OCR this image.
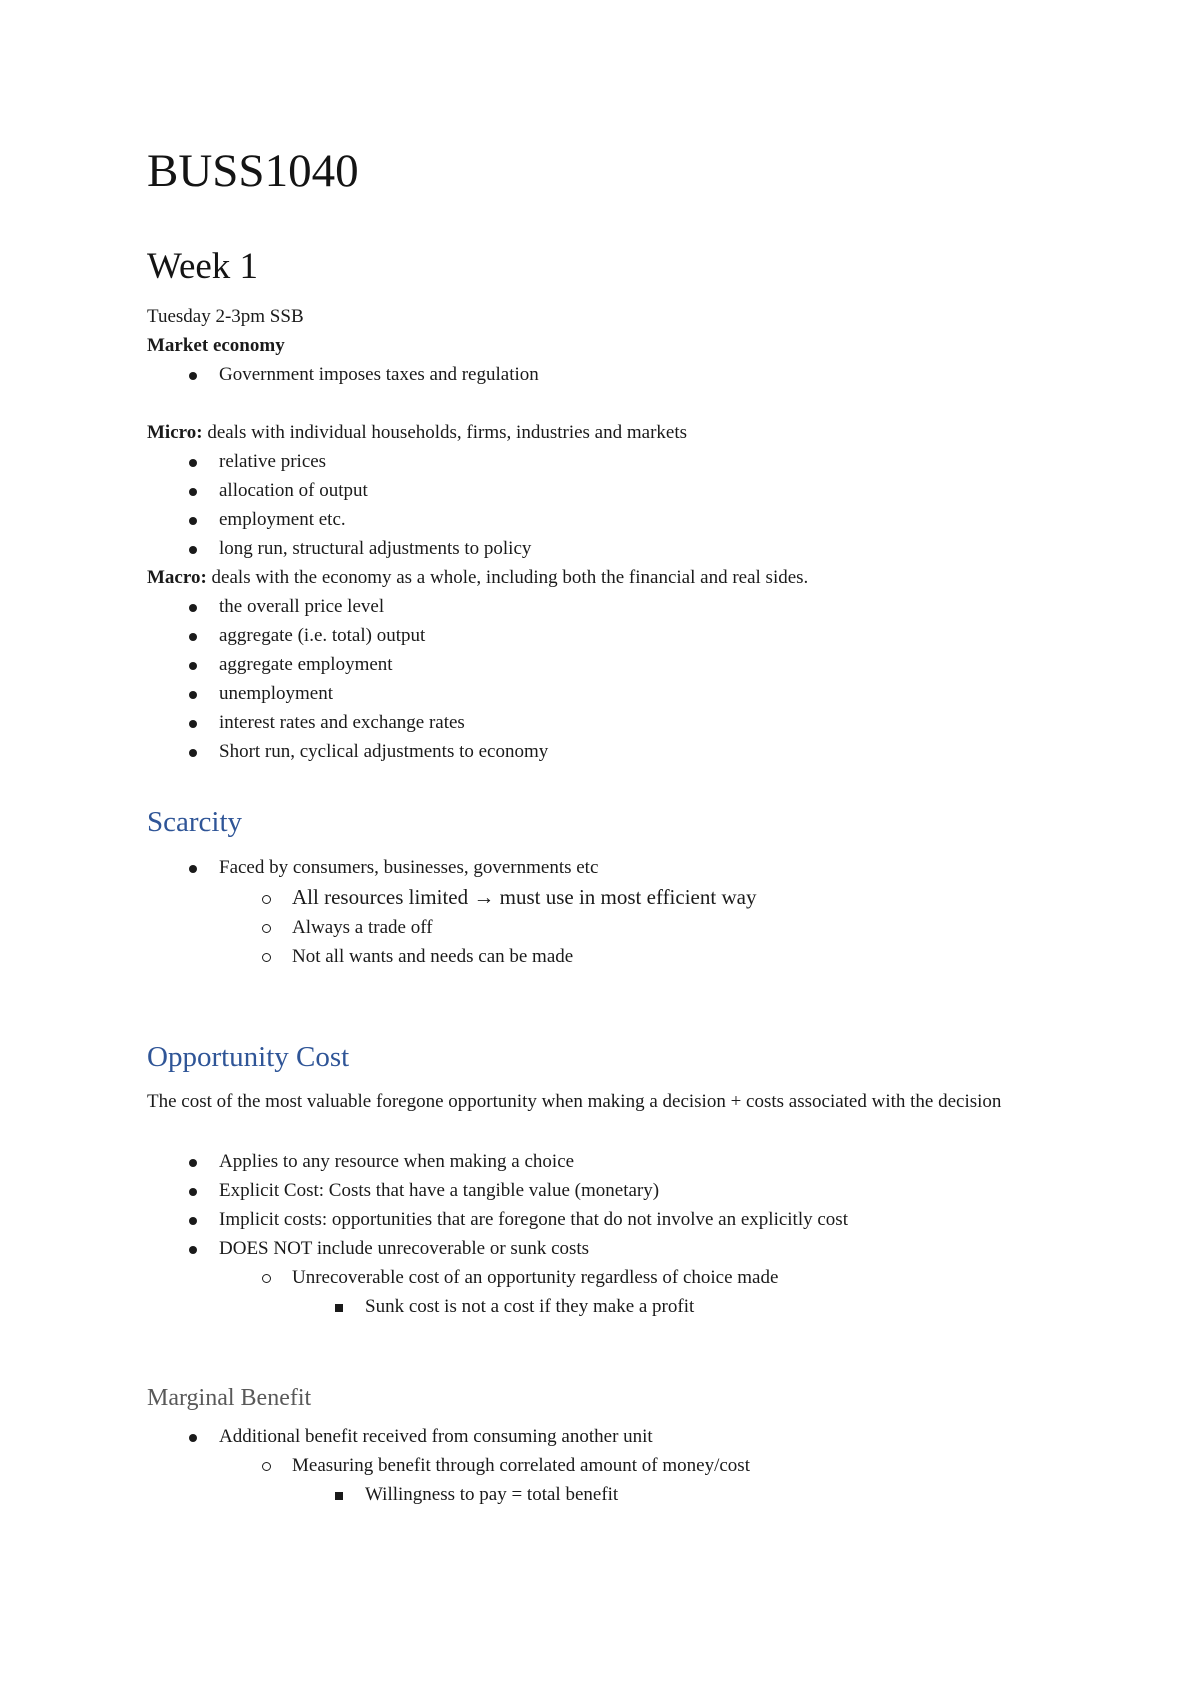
BUSS1040
Week 1
Tuesday 2-3pm SSB
Market economy
Government imposes taxes and regulation
Micro: deals with individual households, firms, industries and markets
relative prices
allocation of output
employment etc.
long run, structural adjustments to policy
Macro: deals with the economy as a whole, including both the financial and real sides.
the overall price level
aggregate (i.e. total) output
aggregate employment
unemployment
interest rates and exchange rates
Short run, cyclical adjustments to economy
Scarcity
Faced by consumers, businesses, governments etc
All resources limited → must use in most efficient way
Always a trade off
Not all wants and needs can be made
Opportunity Cost
The cost of the most valuable foregone opportunity when making a decision + costs associated with the decision
Applies to any resource when making a choice
Explicit Cost: Costs that have a tangible value (monetary)
Implicit costs: opportunities that are foregone that do not involve an explicitly cost
DOES NOT include unrecoverable or sunk costs
Unrecoverable cost of an opportunity regardless of choice made
Sunk cost is not a cost if they make a profit
Marginal Benefit
Additional benefit received from consuming another unit
Measuring benefit through correlated amount of money/cost
Willingness to pay = total benefit
